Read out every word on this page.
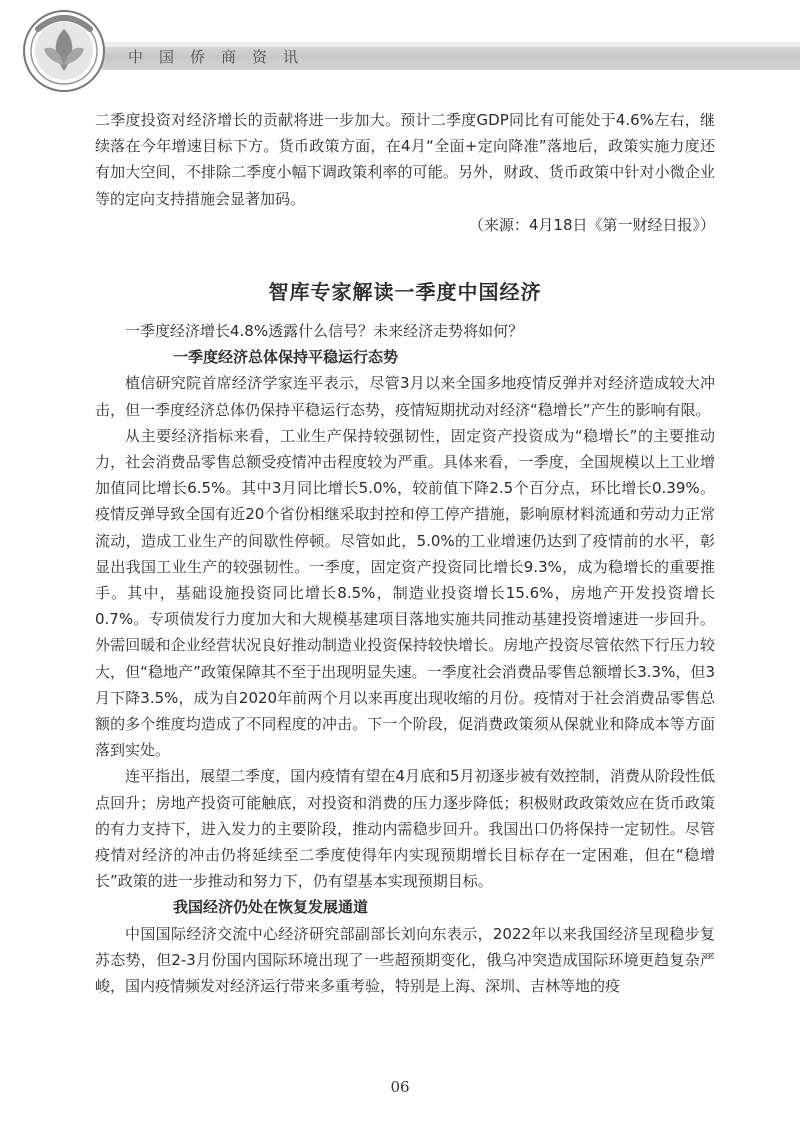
中国侨商资讯

二季度投资对经济增长的贡献将进一步加大。预计二季度GDP同比有可能处于4.6%左右，继续落在今年增速目标下方。货币政策方面，在4月“全面+定向降准”落地后，政策实施力度还有加大空间，不排除二季度小幅下调政策利率的可能。另外，财政、货币政策中针对小微企业等的定向支持措施会显著加码。

（来源：4月18日《第一财经日报》）

智库专家解读一季度中国经济

一季度经济增长4.8%透露什么信号？未来经济走势将如何？

一季度经济总体保持平稳运行态势

植信研究院首席经济学家连平表示，尽管3月以来全国多地疫情反弹并对经济造成较大冲击，但一季度经济总体仍保持平稳运行态势，疫情短期扰动对经济“稳增长”产生的影响有限。

从主要经济指标来看，工业生产保持较强韧性，固定资产投资成为“稳增长”的主要推动力，社会消费品零售总额受疫情冲击程度较为严重。具体来看，一季度，全国规模以上工业增加值同比增长6.5%。其中3月同比增长5.0%，较前值下降2.5个百分点，环比增长0.39%。疫情反弹导致全国有近20个省份相继采取封控和停工停产措施，影响原材料流通和劳动力正常流动，造成工业生产的间歇性停顿。尽管如此，5.0%的工业增速仍达到了疫情前的水平，彰显出我国工业生产的较强韧性。一季度，固定资产投资同比增长9.3%，成为稳增长的重要推手。其中，基础设施投资同比增长8.5%，制造业投资增长15.6%，房地产开发投资增长0.7%。专项债发行力度加大和大规模基建项目落地实施共同推动基建投资增速进一步回升。外需回暖和企业经营状况良好推动制造业投资保持较快增长。房地产投资尽管依然下行压力较大，但“稳地产”政策保障其不至于出现明显失速。一季度社会消费品零售总额增长3.3%，但3月下降3.5%，成为自2020年前两个月以来再度出现收缩的月份。疫情对于社会消费品零售总额的多个维度均造成了不同程度的冲击。下一个阶段，促消费政策须从保就业和降成本等方面落到实处。

连平指出，展望二季度，国内疫情有望在4月底和5月初逐步被有效控制，消费从阶段性低点回升；房地产投资可能触底，对投资和消费的压力逐步降低；积极财政政策效应在货币政策的有力支持下，进入发力的主要阶段，推动内需稳步回升。我国出口仍将保持一定韧性。尽管疫情对经济的冲击仍将延续至二季度使得年内实现预期增长目标存在一定困难，但在“稳增长”政策的进一步推动和努力下，仍有望基本实现预期目标。

我国经济仍处在恢复发展通道

中国国际经济交流中心经济研究部副部长刘向东表示，2022年以来我国经济呈现稳步复苏态势，但2-3月份国内国际环境出现了一些超预期变化，俄乌冲突造成国际环境更趋复杂严峻，国内疫情频发对经济运行带来多重考验，特别是上海、深圳、吉林等地的疫

06
